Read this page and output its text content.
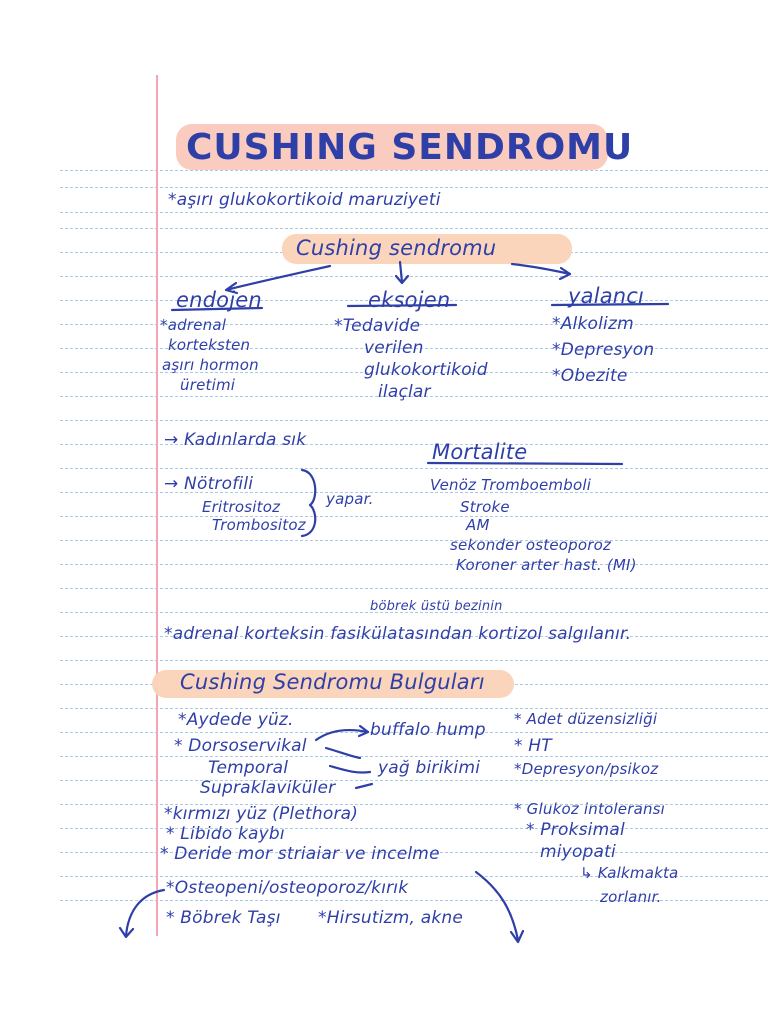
CUSHING SENDROMU
*aşırı glukokortikoid maruziyeti
Cushing sendromu
endojen
*adrenal
korteksten
aşırı hormon
üretimi
eksojen
*Tedavide
verilen
glukokortikoid
ilaçlar
yalancı
*Alkolizm
*Depresyon
*Obezite
→ Kadınlarda sık
→ Nötrofili
Eritrositoz
Trombositoz
yapar.
Mortalite
Venöz Tromboemboli
Stroke
AM
sekonder osteoporoz
Koroner arter hast. (MI)
böbrek üstü bezinin
*adrenal korteksin fasikülatasından kortizol salgılanır.
Cushing Sendromu Bulguları
*Aydede yüz.
* Dorsoservikal
Temporal
Supraklaviküler
*kırmızı yüz (Plethora)
* Libido kaybı
* Deride mor striaiar ve incelme
*Osteopeni/osteoporoz/kırık
* Böbrek Taşı *Hirsutizm, akne
buffalo hump
yağ birikimi
* Adet düzensizliği
* HT
*Depresyon/psikoz
* Glukoz intoleransı
* Proksimal
miyopati
↳ Kalkmakta
zorlanır.
